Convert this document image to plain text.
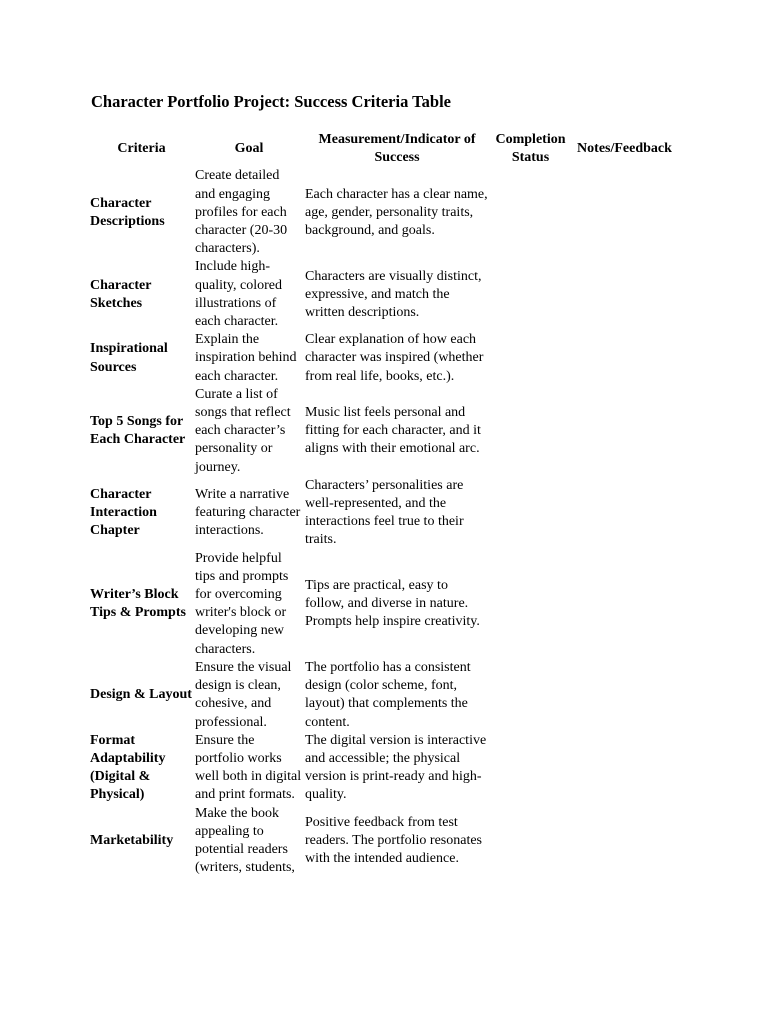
Character Portfolio Project: Success Criteria Table
Criteria	Goal	Measurement/Indicator of Success	Completion Status	Notes/Feedback
Character Descriptions	Create detailed and engaging profiles for each character (20-30 characters).	Each character has a clear name, age, gender, personality traits, background, and goals.		
Character Sketches	Include high-quality, colored illustrations of each character.	Characters are visually distinct, expressive, and match the written descriptions.		
Inspirational Sources	Explain the inspiration behind each character.	Clear explanation of how each character was inspired (whether from real life, books, etc.).		
Top 5 Songs for Each Character	Curate a list of songs that reflect each character’s personality or journey.	Music list feels personal and fitting for each character, and it aligns with their emotional arc.		
Character Interaction Chapter	Write a narrative featuring character interactions.	Characters’ personalities are well-represented, and the interactions feel true to their traits.		
Writer’s Block Tips & Prompts	Provide helpful tips and prompts for overcoming writer's block or developing new characters.	Tips are practical, easy to follow, and diverse in nature. Prompts help inspire creativity.		
Design & Layout	Ensure the visual design is clean, cohesive, and professional.	The portfolio has a consistent design (color scheme, font, layout) that complements the content.		
Format Adaptability (Digital & Physical)	Ensure the portfolio works well both in digital and print formats.	The digital version is interactive and accessible; the physical version is print-ready and high-quality.		
Marketability	Make the book appealing to potential readers (writers, students,	Positive feedback from test readers. The portfolio resonates with the intended audience.		
